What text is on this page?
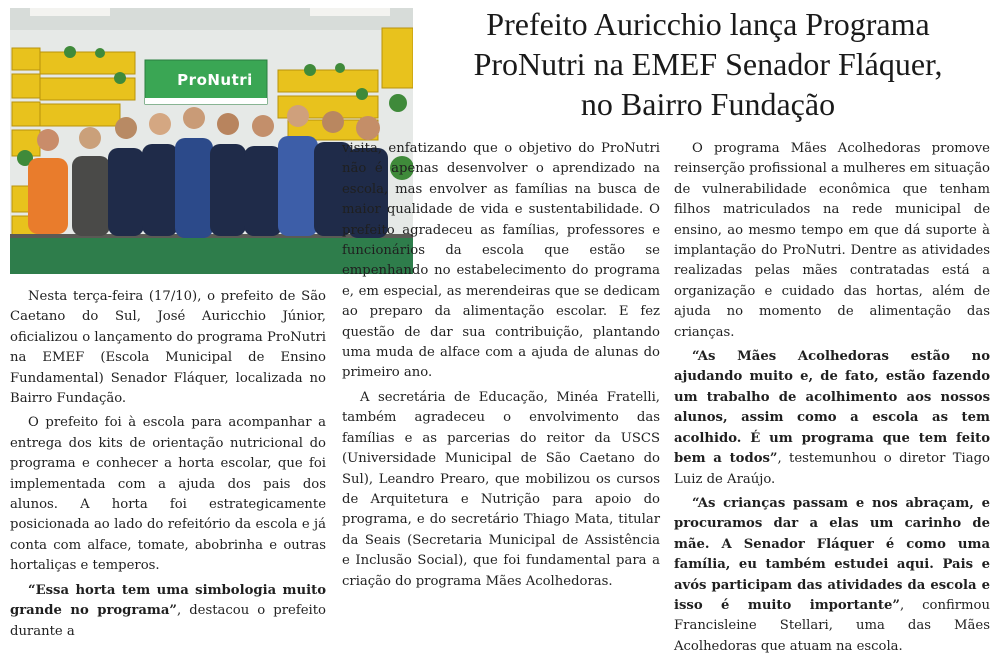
ProNutri
Prefeito Auricchio lança Programa
ProNutri na EMEF Senador Fláquer,
no Bairro Fundação

Nesta terça-feira (17/10), o prefeito de São Caetano do Sul, José Auricchio Júnior, oficializou o lançamento do programa ProNutri na EMEF (Escola Municipal de Ensino Fundamental) Senador Fláquer, localizada no Bairro Fundação.

O prefeito foi à escola para acompanhar a entrega dos kits de orientação nutricional do programa e conhecer a horta escolar, que foi implementada com a ajuda dos pais dos alunos. A horta foi estrategicamente posicionada ao lado do refeitório da escola e já conta com alface, tomate, abobrinha e outras hortaliças e temperos.

“Essa horta tem uma simbologia muito grande no programa”, destacou o prefeito durante a

visita, enfatizando que o objetivo do ProNutri não é apenas desenvolver o aprendizado na escola, mas envolver as famílias na busca de maior qualidade de vida e sustentabilidade. O prefeito agradeceu as famílias, professores e funcionários da escola que estão se empenhando no estabelecimento do programa e, em especial, as merendeiras que se dedicam ao preparo da alimentação escolar. E fez questão de dar sua contribuição, plantando uma muda de alface com a ajuda de alunas do primeiro ano.

A secretária de Educação, Minéa Fratelli, também agradeceu o envolvimento das famílias e as parcerias do reitor da USCS (Universidade Municipal de São Caetano do Sul), Leandro Prearo, que mobilizou os cursos de Arquitetura e Nutrição para apoio do programa, e do secretário Thiago Mata, titular da Seais (Secretaria Municipal de Assistência e Inclusão Social), que foi fundamental para a criação do programa Mães Acolhedoras.

O programa Mães Acolhedoras promove reinserção profissional a mulheres em situação de vulnerabilidade econômica que tenham filhos matriculados na rede municipal de ensino, ao mesmo tempo em que dá suporte à implantação do ProNutri. Dentre as atividades realizadas pelas mães contratadas está a organização e cuidado das hortas, além de ajuda no momento de alimentação das crianças.

“As Mães Acolhedoras estão no ajudando muito e, de fato, estão fazendo um trabalho de acolhimento aos nossos alunos, assim como a escola as tem acolhido. É um programa que tem feito bem a todos”, testemunhou o diretor Tiago Luiz de Araújo.

“As crianças passam e nos abraçam, e procuramos dar a elas um carinho de mãe. A Senador Fláquer é como uma família, eu também estudei aqui. Pais e avós participam das atividades da escola e isso é muito importante”, confirmou Francisleine Stellari, uma das Mães Acolhedoras que atuam na escola.
